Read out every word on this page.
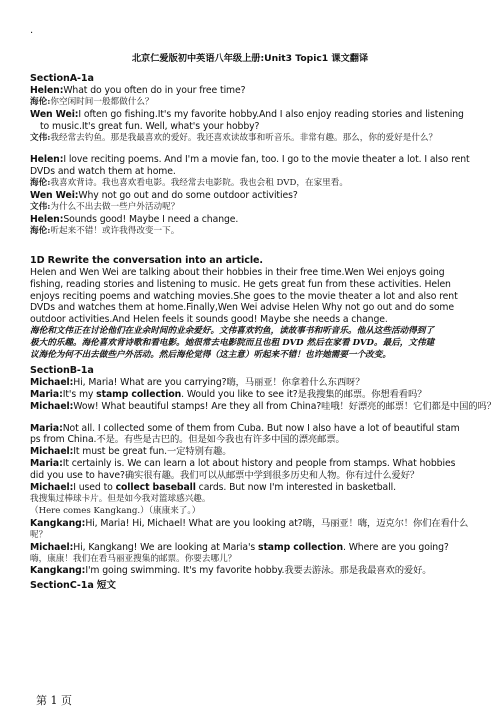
·
北京仁爱版初中英语八年级上册:Unit3 Topic1 课文翻译
SectionA-1a
Helen:What do you often do in your free time?
海伦:你空闲时间一般都做什么？
Wen Wei:I often go fishing.It's my favorite hobby.And I also enjoy reading stories and listening
to music.It's great fun. Well, what's your hobby?
文伟:我经常去钓鱼。那是我最喜欢的爱好。我还喜欢读故事和听音乐。非常有趣。那么，你的爱好是什么？
Helen:I love reciting poems. And I'm a movie fan, too. I go to the movie theater a lot. I also rent
DVDs and watch them at home.
海伦:我喜欢背诗。我也喜欢看电影。我经常去电影院。我也会租 DVD，在家里看。
Wen Wei:Why not go out and do some outdoor activities?
文伟:为什么不出去做一些户外活动呢？
Helen:Sounds good! Maybe I need a change.
海伦:听起来不错！或许我得改变一下。
1D Rewrite the conversation into an article.
Helen and Wen Wei are talking about their hobbies in their free time.Wen Wei enjoys going
fishing, reading stories and listening to music. He gets great fun from these activities. Helen
enjoys reciting poems and watching movies.She goes to the movie theater a lot and also rent
DVDs and watches them at home.Finally,Wen Wei advise Helen Why not go out and do some
outdoor activities.And Helen feels it sounds good! Maybe she needs a change.
海伦和文伟正在讨论他们在业余时间的业余爱好。文伟喜欢钓鱼，读故事书和听音乐。他从这些活动得到了
极大的乐趣。海伦喜欢背诗歌和看电影。她很常去电影院而且也租 DVD 然后在家看 DVD。最后，文伟建
议海伦为何不出去做些户外活动。然后海伦觉得（这主意）听起来不错！也许她需要一个改变。
SectionB-1a
Michael:Hi, Maria! What are you carrying?嗨，马丽亚！你拿着什么东西呀？
Maria:It's my stamp collection. Would you like to see it?是我搜集的邮票。你想看看吗？
Michael:Wow! What beautiful stamps! Are they all from China?哇哦！好漂亮的邮票！它们都是中国的吗？
Maria:Not all. I collected some of them from Cuba. But now I also have a lot of beautiful stam
ps from China.不是。有些是古巴的。但是如今我也有许多中国的漂亮邮票。
Michael:It must be great fun.一定特别有趣。
Maria:It certainly is. We can learn a lot about history and people from stamps. What hobbies
did you use to have?确实很有趣。我们可以从邮票中学到很多历史和人物。你有过什么爱好？
Michael:I used to collect baseball cards. But now I'm interested in basketball.
我搜集过棒球卡片。但是如今我对篮球感兴趣。
（Here comes Kangkang.）（康康来了。）
Kangkang:Hi, Maria! Hi, Michael! What are you looking at?嗨，马丽亚！嗨，迈克尔！你们在看什么
呢？
Michael:Hi, Kangkang! We are looking at Maria's stamp collection. Where are you going?
嗨，康康！我们在看马丽亚搜集的邮票。你要去哪儿？
Kangkang:I'm going swimming. It's my favorite hobby.我要去游泳。那是我最喜欢的爱好。
SectionC-1a 短文
第 1 页
